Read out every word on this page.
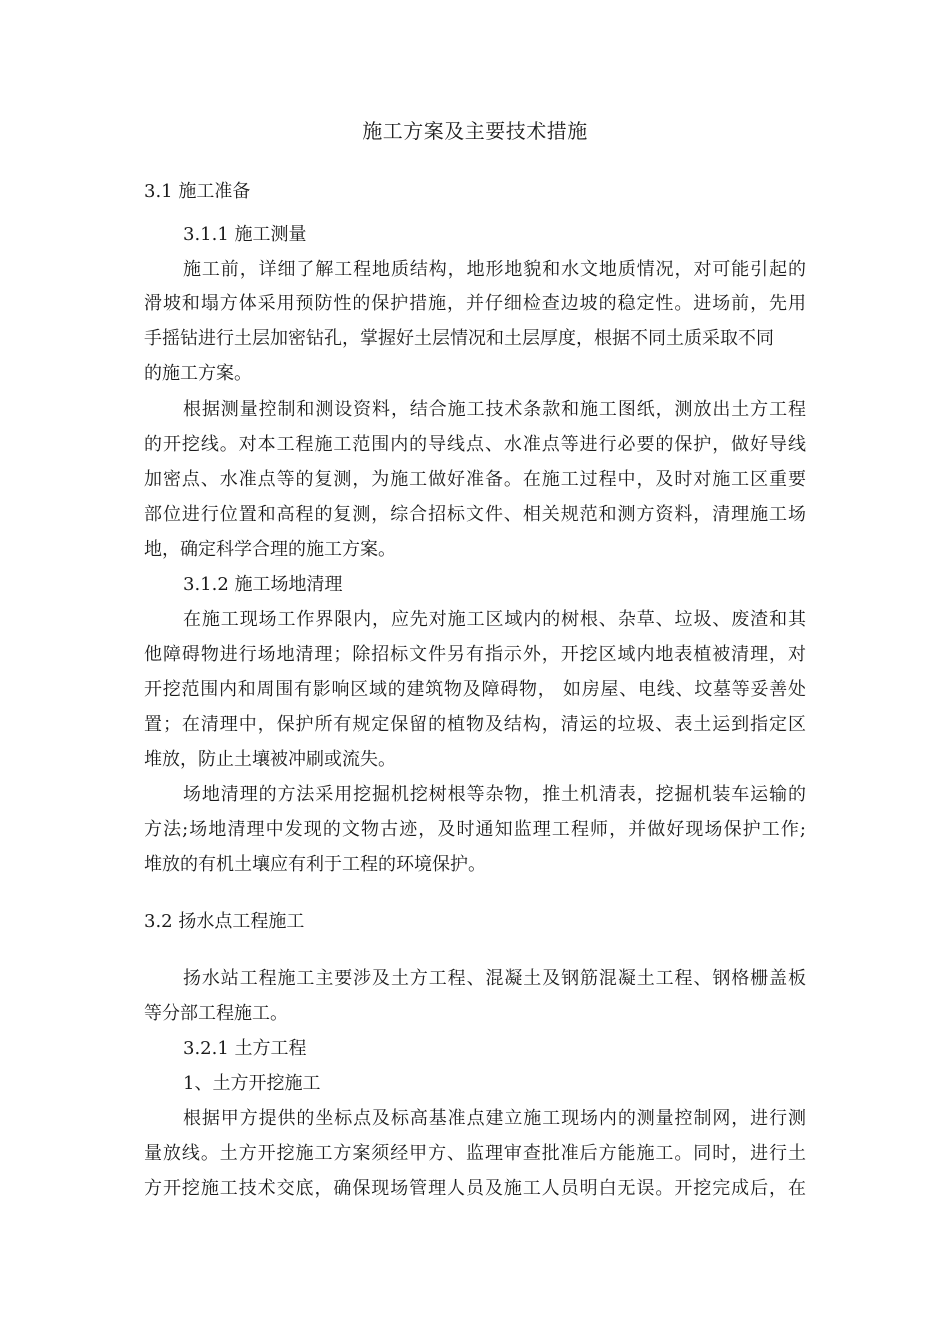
施工方案及主要技术措施
3.1 施工准备
3.1.1 施工测量
施工前，详细了解工程地质结构，地形地貌和水文地质情况，对可能引起的
滑坡和塌方体采用预防性的保护措施，并仔细检查边坡的稳定性。进场前，先用
手摇钻进行土层加密钻孔，掌握好土层情况和土层厚度，根据不同土质采取不同
的施工方案。
根据测量控制和测设资料，结合施工技术条款和施工图纸，测放出土方工程
的开挖线。对本工程施工范围内的导线点、水准点等进行必要的保护，做好导线
加密点、水准点等的复测，为施工做好准备。在施工过程中，及时对施工区重要
部位进行位置和高程的复测，综合招标文件、相关规范和测方资料，清理施工场
地，确定科学合理的施工方案。
3.1.2 施工场地清理
在施工现场工作界限内，应先对施工区域内的树根、杂草、垃圾、废渣和其
他障碍物进行场地清理；除招标文件另有指示外，开挖区域内地表植被清理，对
开挖范围内和周围有影响区域的建筑物及障碍物， 如房屋、电线、坟墓等妥善处
置；在清理中，保护所有规定保留的植物及结构，清运的垃圾、表土运到指定区
堆放，防止土壤被冲刷或流失。
场地清理的方法采用挖掘机挖树根等杂物，推土机清表，挖掘机装车运输的
方法;场地清理中发现的文物古迹，及时通知监理工程师，并做好现场保护工作;
堆放的有机土壤应有利于工程的环境保护。
3.2 扬水点工程施工
扬水站工程施工主要涉及土方工程、混凝土及钢筋混凝土工程、钢格栅盖板
等分部工程施工。
3.2.1 土方工程
1、土方开挖施工
根据甲方提供的坐标点及标高基准点建立施工现场内的测量控制网，进行测
量放线。土方开挖施工方案须经甲方、监理审查批准后方能施工。同时，进行土
方开挖施工技术交底，确保现场管理人员及施工人员明白无误。开挖完成后，在
